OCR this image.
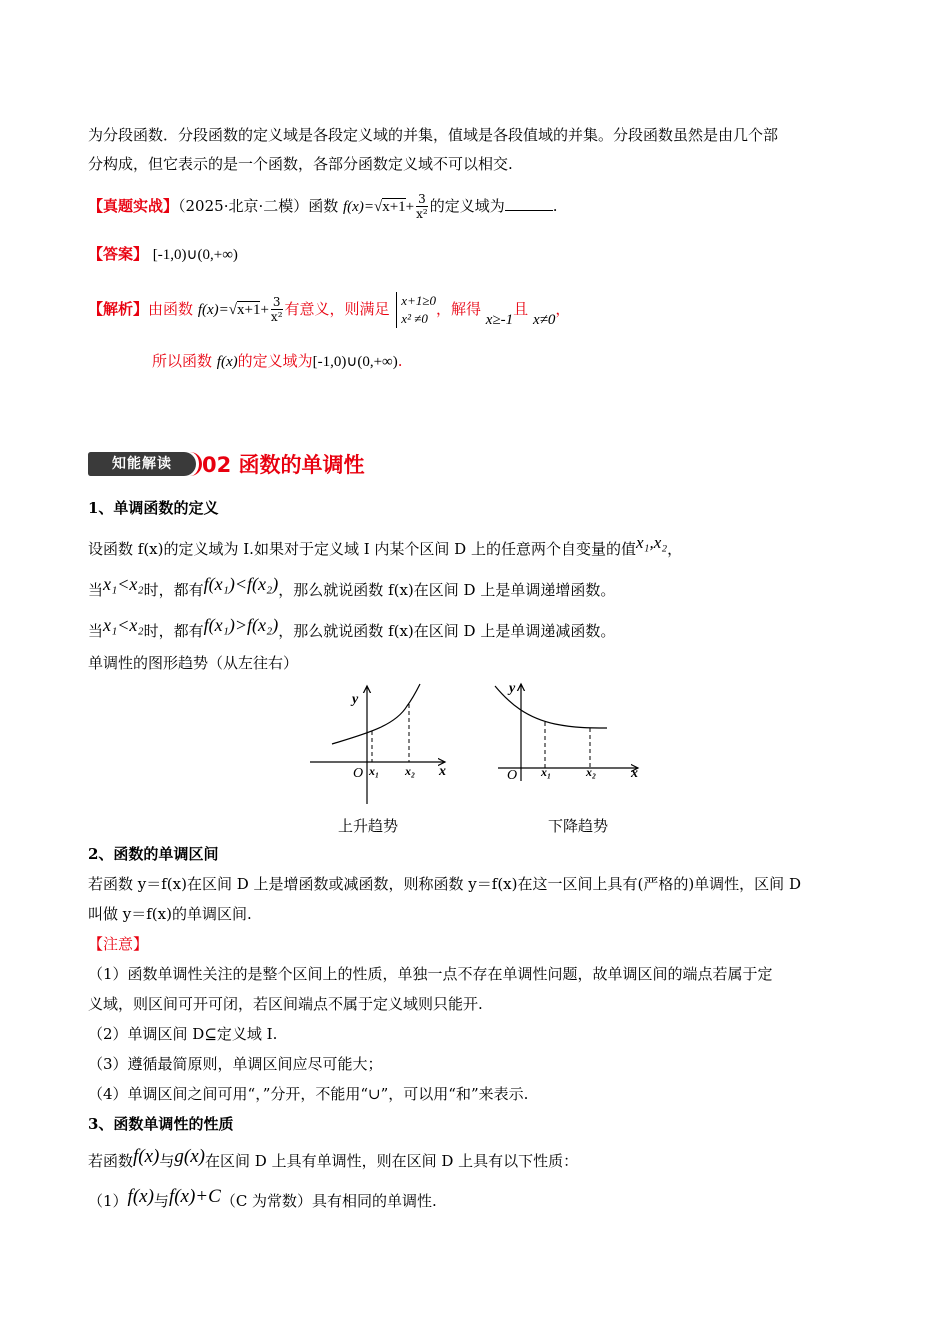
为分段函数．分段函数的定义域是各段定义域的并集，值域是各段值域的并集。分段函数虽然是由几个部
分构成，但它表示的是一个函数，各部分函数定义域不可以相交.
【真题实战】（2025·北京·二模）函数 $f(x)=√x+1+ \frac{3}{\text{x²}}$ 的定义域为	.
【答案】 [-1,0)∪(0,+∞)
【解析】由函数 $f(x)=√x+1+ \frac{3}{\text{x²}}$ 有意义，则满足 x+1≥0
x² ≠0，解得 x≥-1且 x≠0，
所以函数 f(x)的定义域为[-1,0)∪(0,+∞).
知能解读	02 函数的单调性
1、单调函数的定义
设函数 f(x)的定义域为 I.如果对于定义域 I 内某个区间 D 上的任意两个自变量的值x₁,x₂，
当x₁<x₂时，都有f(x₁)<f(x₂)，那么就说函数 f(x)在区间 D 上是单调递增函数。
当x₁<x₂时，都有f(x₁)>f(x₂)，那么就说函数 f(x)在区间 D 上是单调递减函数。
单调性的图形趋势（从左往右）
O x₁ x₂ x
y
O x₁	x₂ x
y
上升趋势	下降趋势
2、函数的单调区间
若函数 y＝f(x)在区间 D 上是增函数或减函数，则称函数 y＝f(x)在这一区间上具有(严格的)单调性，区间 D
叫做 y＝f(x)的单调区间.
【注意】
（1）函数单调性关注的是整个区间上的性质，单独一点不存在单调性问题，故单调区间的端点若属于定
义域，则区间可开可闭，若区间端点不属于定义域则只能开.
（2）单调区间 D⊆定义域 I.
（3）遵循最简原则，单调区间应尽可能大；
（4）单调区间之间可用“，”分开，不能用“∪”，可以用“和”来表示.
3、函数单调性的性质
若函数f(x)与g(x)在区间 D 上具有单调性，则在区间 D 上具有以下性质：
（1）f(x)与f(x)+C（C 为常数）具有相同的单调性.
